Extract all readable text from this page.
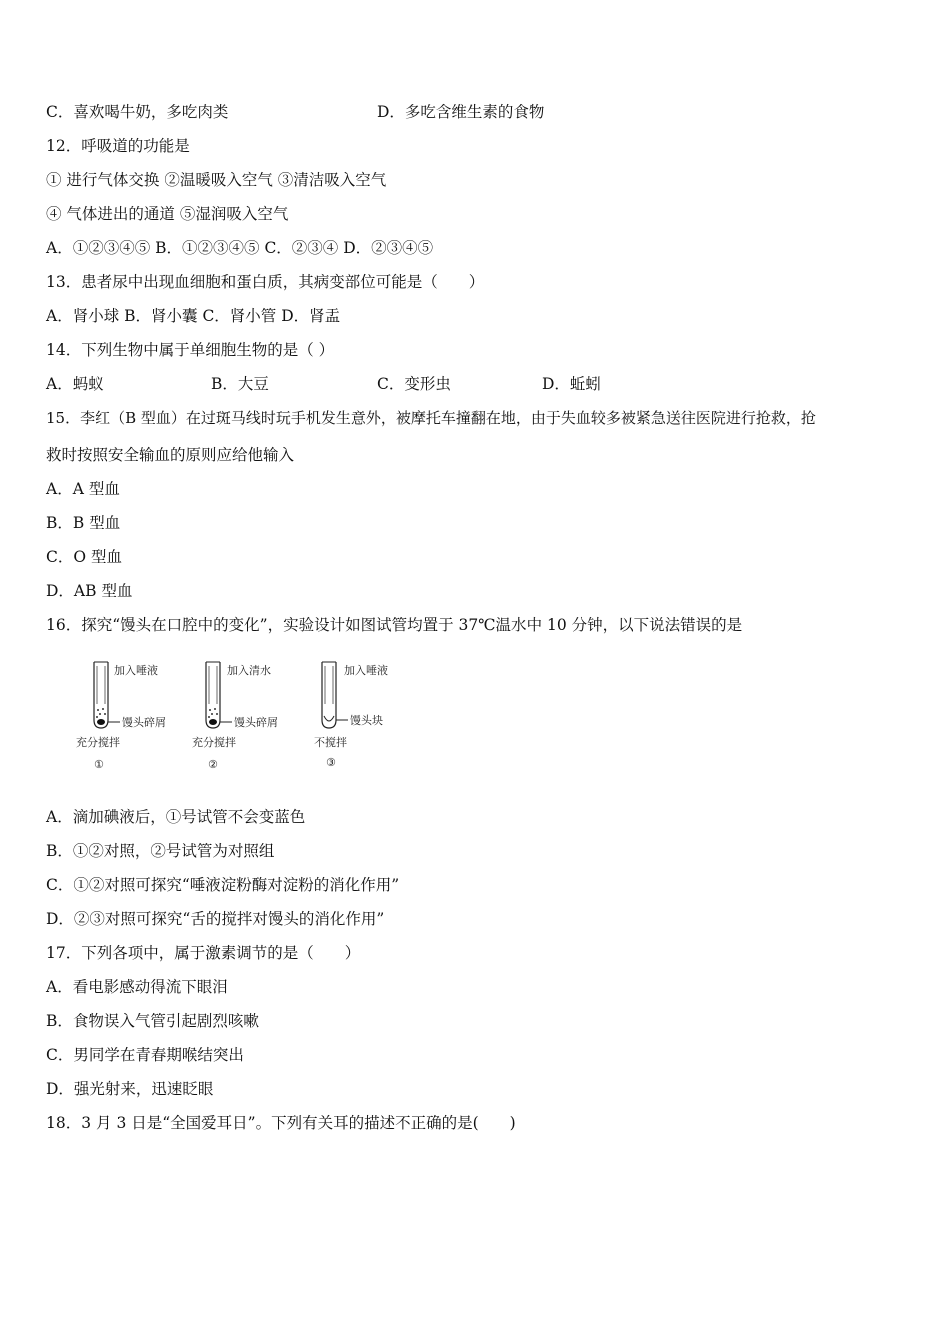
C．喜欢喝牛奶，多吃肉类	D．多吃含维生素的食物
12．呼吸道的功能是
① 进行气体交换 ②温暖吸入空气 ③清洁吸入空气
④ 气体进出的通道 ⑤湿润吸入空气
A．①②③④⑤ B．①②③④⑤ C．②③④ D．②③④⑤
13．患者尿中出现血细胞和蛋白质，其病变部位可能是（　　）
A．肾小球 B．肾小囊 C．肾小管 D．肾盂
14．下列生物中属于单细胞生物的是（ ）
A．蚂蚁	B．大豆	C．变形虫	D．蚯蚓
15．李红（B 型血）在过斑马线时玩手机发生意外，被摩托车撞翻在地，由于失血较多被紧急送往医院进行抢救，抢
救时按照安全输血的原则应给他输入
A．A 型血
B．B 型血
C．O 型血
D．AB 型血
16．探究“馒头在口腔中的变化”，实验设计如图试管均置于 37℃温水中 10 分钟，以下说法错误的是
加入唾液
馒头碎屑
充分搅拌
①
加入清水
馒头碎屑
充分搅拌
②
加入唾液
馒头块
不搅拌
③
A．滴加碘液后，①号试管不会变蓝色
B．①②对照，②号试管为对照组
C．①②对照可探究“唾液淀粉酶对淀粉的消化作用”
D．②③对照可探究“舌的搅拌对馒头的消化作用”
17．下列各项中，属于激素调节的是（　　）
A．看电影感动得流下眼泪
B．食物误入气管引起剧烈咳嗽
C．男同学在青春期喉结突出
D．强光射来，迅速眨眼
18．3 月 3 日是“全国爱耳日”。下列有关耳的描述不正确的是(　　)
